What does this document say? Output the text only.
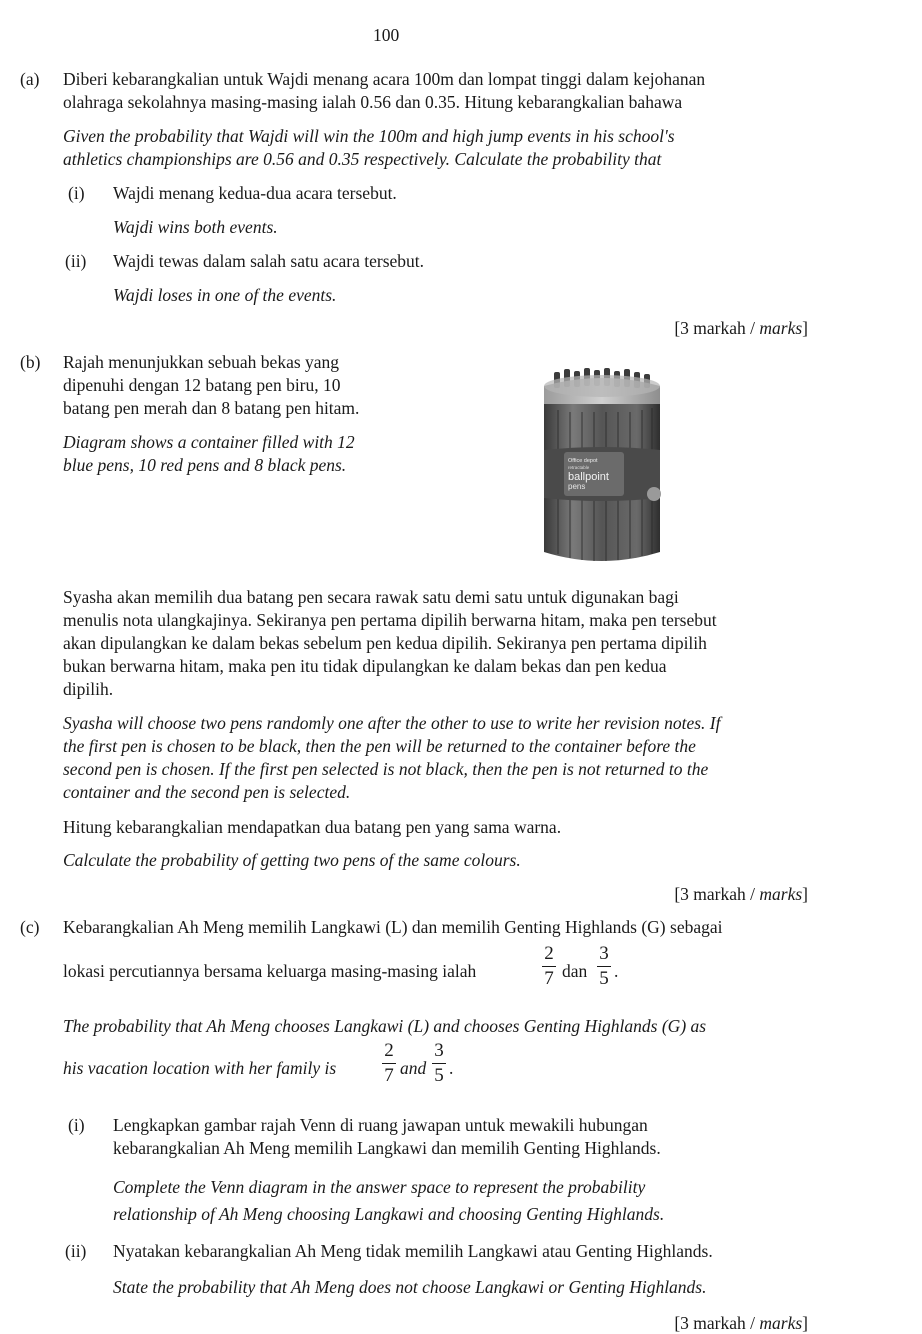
100
(a) Diberi kebarangkalian untuk Wajdi menang acara 100m dan lompat tinggi dalam kejohanan
olahraga sekolahnya masing-masing ialah 0.56 dan 0.35. Hitung kebarangkalian bahawa
Given the probability that Wajdi will win the 100m and high jump events in his school's
athletics championships are 0.56 and 0.35 respectively. Calculate the probability that
(i) Wajdi menang kedua-dua acara tersebut.
Wajdi wins both events.
(ii) Wajdi tewas dalam salah satu acara tersebut.
Wajdi loses in one of the events.
[3 markah / marks]
(b) Rajah menunjukkan sebuah bekas yang
dipenuhi dengan 12 batang pen biru, 10
batang pen merah dan 8 batang pen hitam.
Diagram shows a container filled with 12
blue pens, 10 red pens and 8 black pens.	Office depot
retractable
ballpoint
pens
Syasha akan memilih dua batang pen secara rawak satu demi satu untuk digunakan bagi
menulis nota ulangkajinya. Sekiranya pen pertama dipilih berwarna hitam, maka pen tersebut
akan dipulangkan ke dalam bekas sebelum pen kedua dipilih. Sekiranya pen pertama dipilih
bukan berwarna hitam, maka pen itu tidak dipulangkan ke dalam bekas dan pen kedua
dipilih.
Syasha will choose two pens randomly one after the other to use to write her revision notes. If
the first pen is chosen to be black, then the pen will be returned to the container before the
second pen is chosen. If the first pen selected is not black, then the pen is not returned to the
container and the second pen is selected.
Hitung kebarangkalian mendapatkan dua batang pen yang sama warna.
Calculate the probability of getting two pens of the same colours.
[3 markah / marks]
(c) Kebarangkalian Ah Meng memilih Langkawi (L) dan memilih Genting Highlands (G) sebagai
lokasi percutiannya bersama keluarga masing-masing ialah
2
7 dan
3
5 .
The probability that Ah Meng chooses Langkawi (L) and chooses Genting Highlands (G) as
his vacation location with her family is
2
7 and
3
5 .
(i) Lengkapkan gambar rajah Venn di ruang jawapan untuk mewakili hubungan
kebarangkalian Ah Meng memilih Langkawi dan memilih Genting Highlands.
Complete the Venn diagram in the answer space to represent the probability
relationship of Ah Meng choosing Langkawi and choosing Genting Highlands.
(ii) Nyatakan kebarangkalian Ah Meng tidak memilih Langkawi atau Genting Highlands.
State the probability that Ah Meng does not choose Langkawi or Genting Highlands.
[3 markah / marks]
